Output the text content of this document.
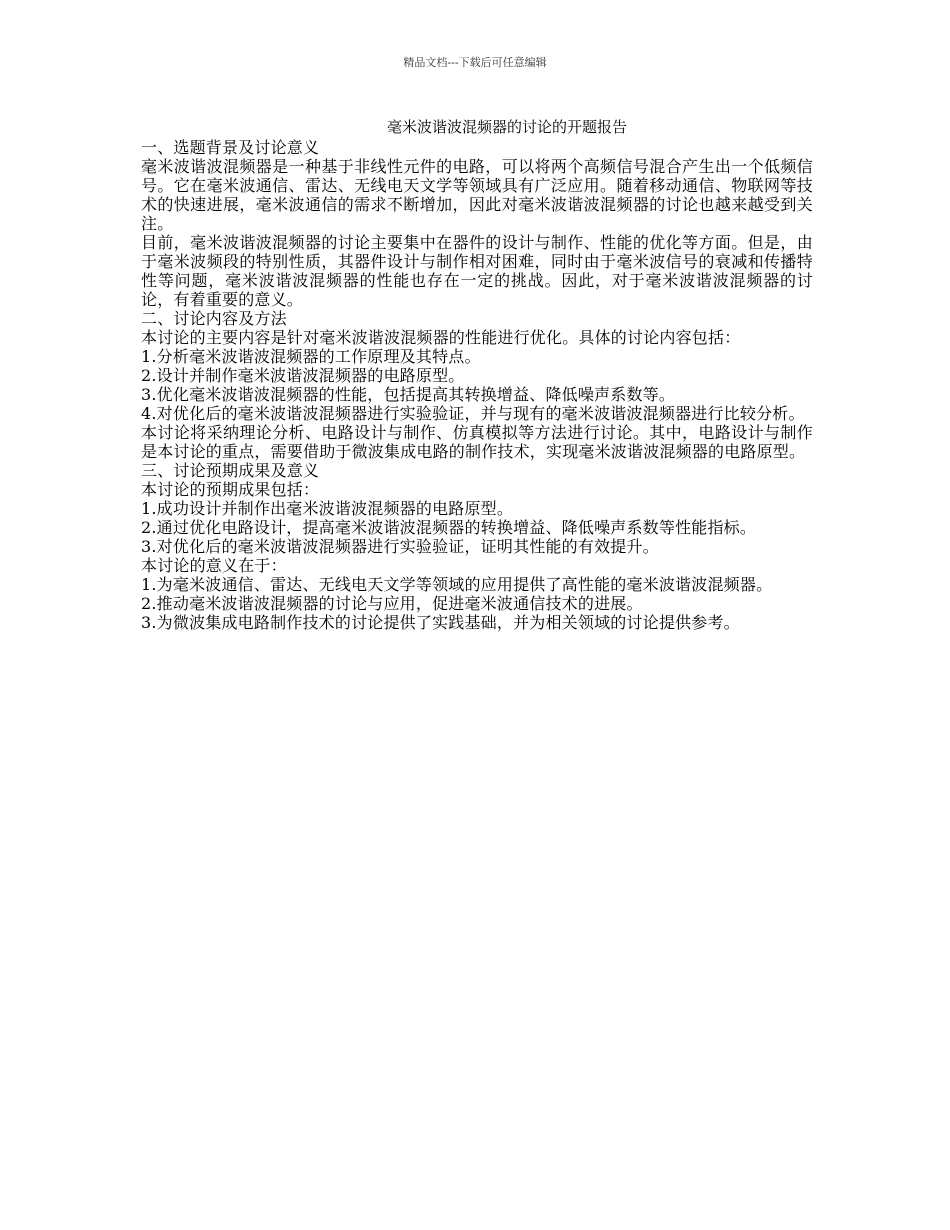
精品文档---下载后可任意编辑
毫米波谐波混频器的讨论的开题报告

一、选题背景及讨论意义

毫米波谐波混频器是一种基于非线性元件的电路，可以将两个高频信号混合产生出一个低频信号。它在毫米波通信、雷达、无线电天文学等领域具有广泛应用。随着移动通信、物联网等技术的快速进展，毫米波通信的需求不断增加，因此对毫米波谐波混频器的讨论也越来越受到关注。

目前，毫米波谐波混频器的讨论主要集中在器件的设计与制作、性能的优化等方面。但是，由于毫米波频段的特别性质，其器件设计与制作相对困难，同时由于毫米波信号的衰减和传播特性等问题，毫米波谐波混频器的性能也存在一定的挑战。因此，对于毫米波谐波混频器的讨论，有着重要的意义。

二、讨论内容及方法

本讨论的主要内容是针对毫米波谐波混频器的性能进行优化。具体的讨论内容包括：

1.分析毫米波谐波混频器的工作原理及其特点。

2.设计并制作毫米波谐波混频器的电路原型。

3.优化毫米波谐波混频器的性能，包括提高其转换增益、降低噪声系数等。

4.对优化后的毫米波谐波混频器进行实验验证，并与现有的毫米波谐波混频器进行比较分析。

本讨论将采纳理论分析、电路设计与制作、仿真模拟等方法进行讨论。其中，电路设计与制作是本讨论的重点，需要借助于微波集成电路的制作技术，实现毫米波谐波混频器的电路原型。

三、讨论预期成果及意义

本讨论的预期成果包括：

1.成功设计并制作出毫米波谐波混频器的电路原型。

2.通过优化电路设计，提高毫米波谐波混频器的转换增益、降低噪声系数等性能指标。

3.对优化后的毫米波谐波混频器进行实验验证，证明其性能的有效提升。

本讨论的意义在于：

1.为毫米波通信、雷达、无线电天文学等领域的应用提供了高性能的毫米波谐波混频器。

2.推动毫米波谐波混频器的讨论与应用，促进毫米波通信技术的进展。

3.为微波集成电路制作技术的讨论提供了实践基础，并为相关领域的讨论提供参考。
